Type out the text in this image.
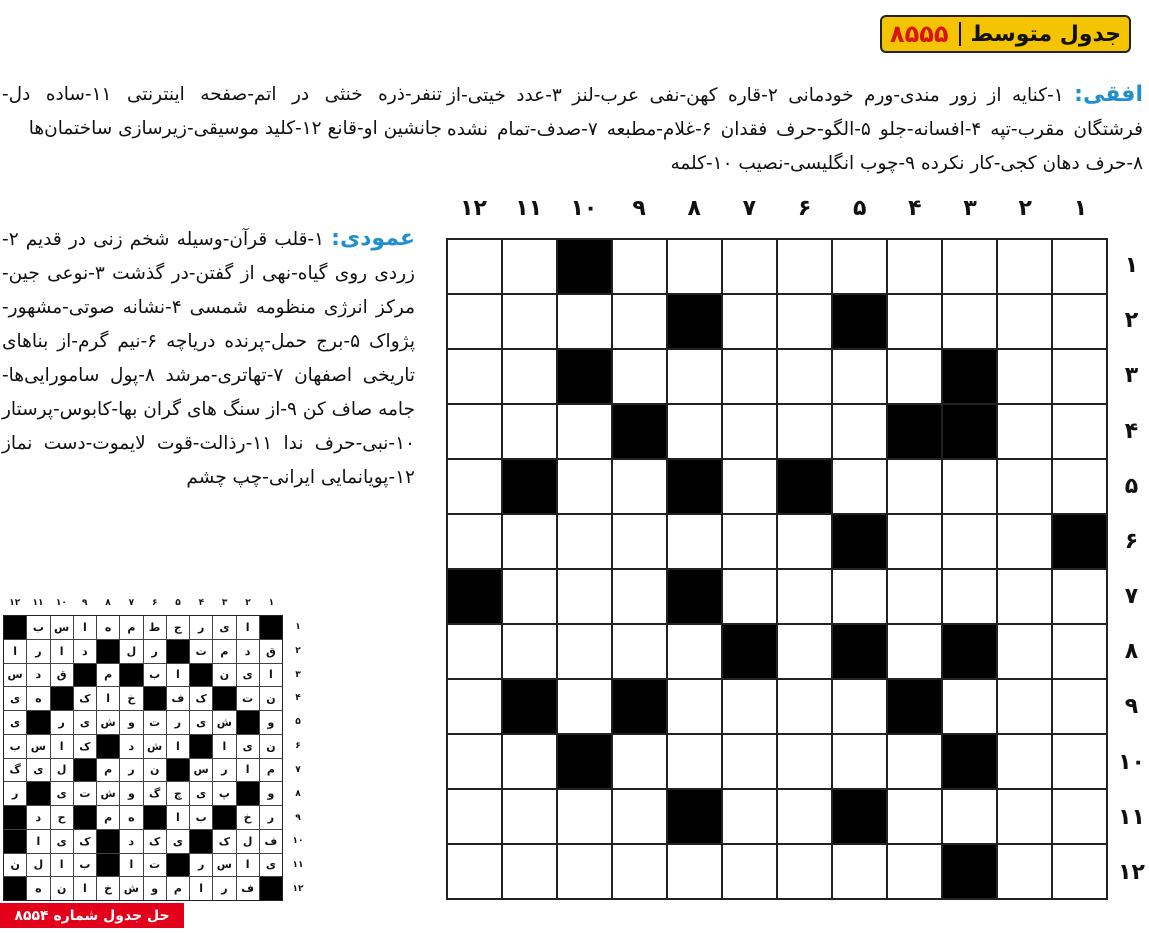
جدول متوسط
۸۵۵۵
افقی: ۱-کنایه از زور مندی-ورم خودمانی ۲-قاره کهن-نفی عرب-لنز ۳-عدد خیتی-از فرشتگان مقرب-تپه ۴-افسانه-جلو ۵-الگو-حرف فقدان ۶-غلام-مطبعه ۷-صدف-تمام نشده ۸-حرف دهان کجی-کار نکرده ۹-چوب انگلیسی-نصیب ۱۰-کلمه
تنفر-ذره خنثی در اتم-صفحه اینترنتی ۱۱-ساده دل-جانشین او-قانع ۱۲-کلید موسیقی-زیرسازی ساختمان‌ها
عمودی: ۱-قلب قرآن-وسیله شخم زنی در قدیم ۲-زردی روی گیاه-نهی از گفتن-در گذشت ۳-نوعی جین-مرکز انرژی منظومه شمسی ۴-نشانه صوتی-مشهور-پژواک ۵-برج حمل-پرنده دریاچه ۶-نیم گرم-از بناهای تاریخی اصفهان ۷-تهاتری-مرشد ۸-پول سامورایی‌ها-جامه صاف کن ۹-از سنگ های گران بها-کابوس-پرستار ۱۰-نبی-حرف ندا ۱۱-رذالت-قوت لایموت-دست نماز ۱۲-پویانمایی ایرانی-چپ چشم
۱
۲
۳
۴
۵
۶
۷
۸
۹
۱۰
۱۱
۱۲
۱
۲
۳
۴
۵
۶
۷
۸
۹
۱۰
۱۱
۱۲
۱
۲
۳
۴
۵
۶
۷
۸
۹
۱۰
۱۱
۱۲
۱
۲
۳
۴
۵
۶
۷
۸
۹
۱۰
۱۱
۱۲
ا
ی
ر
ج
ط
م
ه
ا
س
ب
ق
د
م
ت
ر
ل
د
ا
ر
ا
ا
ی
ن
ا
ب
م
ق
د
س
ن
ت
ک
ف
خ
ا
ک
ه
ی
و
ش
ی
ر
ت
و
ش
ی
ر
ی
ن
ی
ا
ا
ش
د
ک
ا
س
ب
م
ا
ر
س
ن
ر
م
ل
ی
گ
و
پ
ی
چ
گ
و
ش
ت
ی
ر
ر
خ
ب
ا
ه
م
ح
د
ف
ل
ک
ی
ک
د
ک
ی
ا
ی
ا
س
ر
ت
ا
ب
ا
ل
ن
ف
ر
ا
م
و
ش
خ
ا
ن
ه
حل جدول شماره ۸۵۵۴
